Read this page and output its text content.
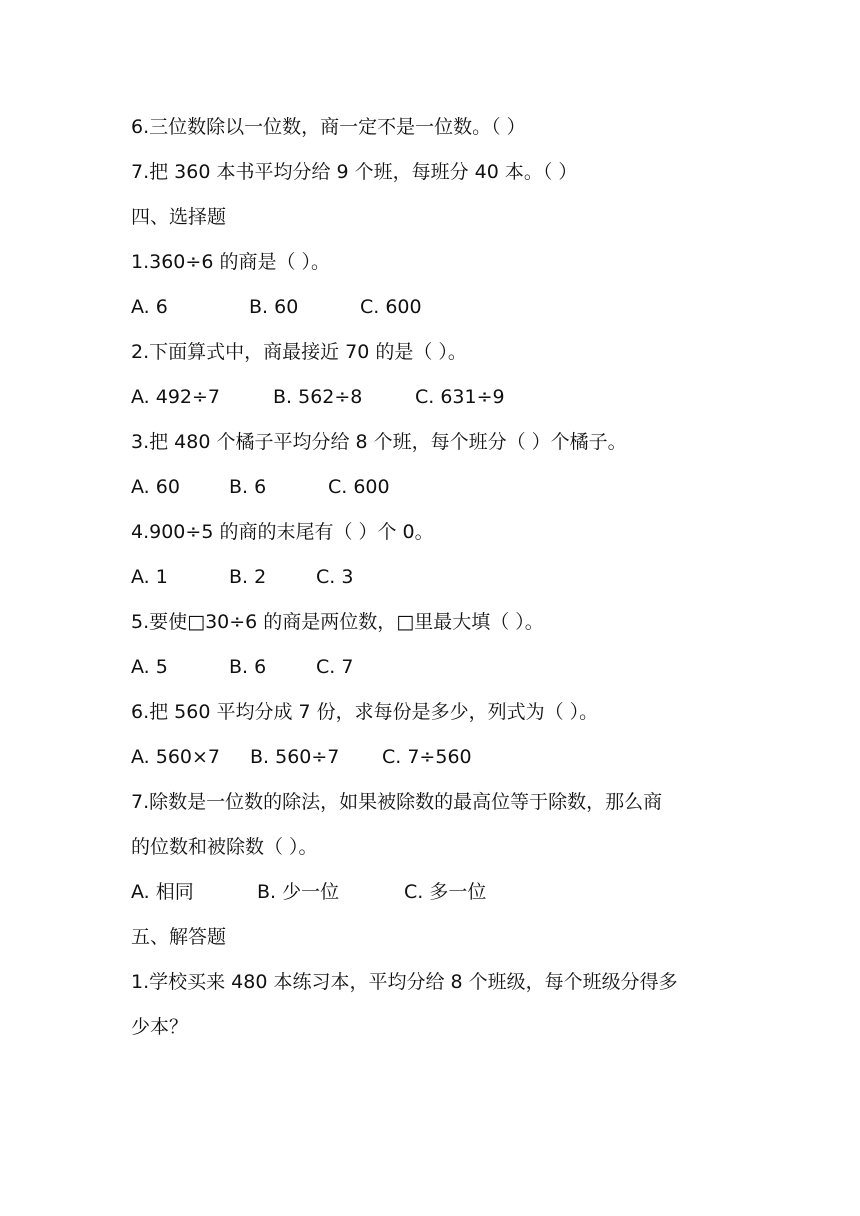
6.三位数除以一位数，商一定不是一位数。（ ）
7.把 360 本书平均分给 9 个班，每班分 40 本。（ ）
四、选择题
1.360÷6 的商是（ ）。
A. 6	B. 60	C. 600
2.下面算式中，商最接近 70 的是（ ）。
A. 492÷7	B. 562÷8	C. 631÷9
3.把 480 个橘子平均分给 8 个班，每个班分（ ）个橘子。
A. 60	B. 6	C. 600
4.900÷5 的商的末尾有（ ）个 0。
A. 1	B. 2	C. 3
5.要使□30÷6 的商是两位数，□里最大填（ ）。
A. 5	B. 6	C. 7
6.把 560 平均分成 7 份，求每份是多少，列式为（ ）。
A. 560×7 B. 560÷7 C. 7÷560
7.除数是一位数的除法，如果被除数的最高位等于除数，那么商
的位数和被除数（ ）。
A. 相同	B. 少一位	C. 多一位
五、解答题
1.学校买来 480 本练习本，平均分给 8 个班级，每个班级分得多
少本？
